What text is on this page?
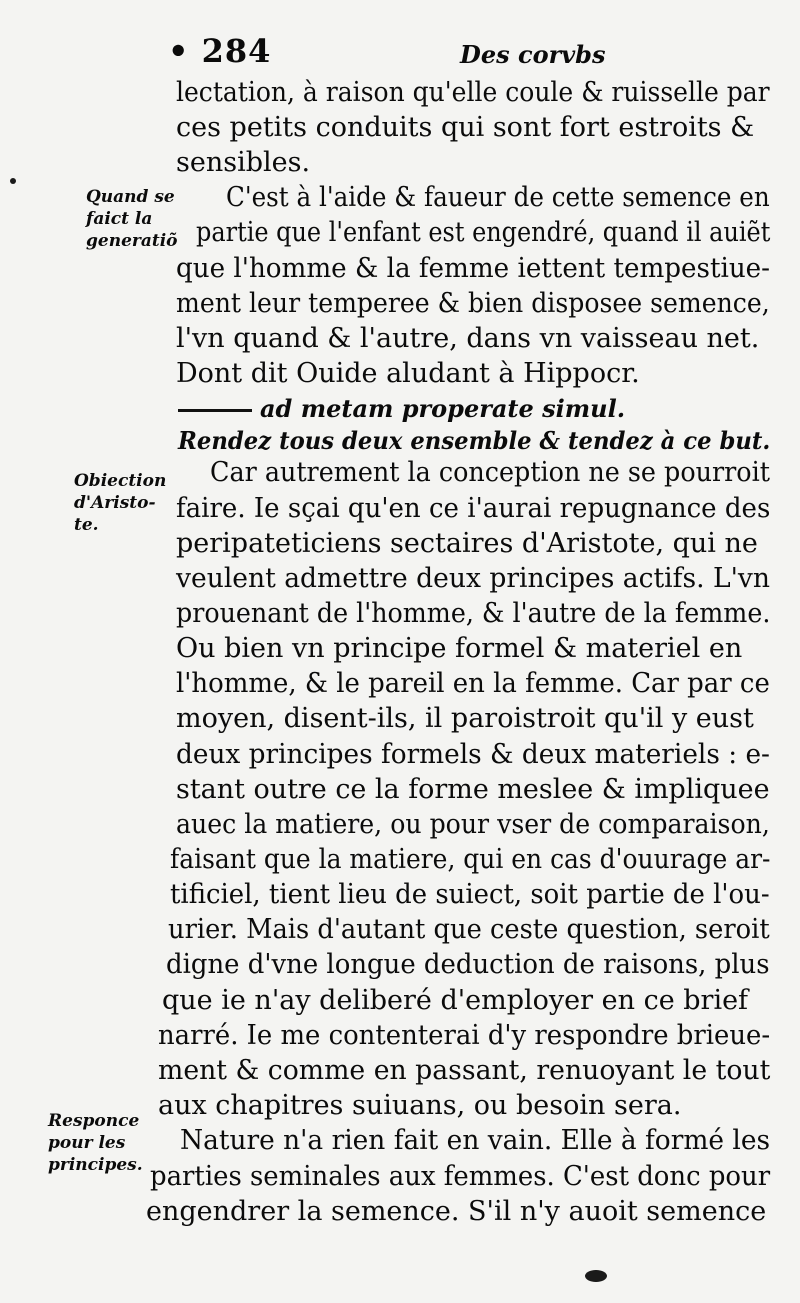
• 284	Des corvbs
Quand se
faict la
generatiõ
Obiection
d'Aristo-
te.
Responce
pour les
principes.
lectation, à raison qu'elle coule & ruisselle par
ces petits conduits qui sont fort estroits &
sensibles.
C'est à l'aide & faueur de cette semence en
partie que l'enfant est engendré, quand il auiẽt
que l'homme & la femme iettent tempestiue-
ment leur temperee & bien disposee semence,
l'vn quand & l'autre, dans vn vaisseau net.
Dont dit Ouide aludant à Hippocr.
ad metam properate simul.
Rendez tous deux ensemble & tendez à ce but.
Car autrement la conception ne se pourroit
faire. Ie sçai qu'en ce i'aurai repugnance des
peripateticiens sectaires d'Aristote, qui ne
veulent admettre deux principes actifs. L'vn
prouenant de l'homme, & l'autre de la femme.
Ou bien vn principe formel & materiel en
l'homme, & le pareil en la femme. Car par ce
moyen, disent-ils, il paroistroit qu'il y eust
deux principes formels & deux materiels : e-
stant outre ce la forme meslee & impliquee
auec la matiere, ou pour vser de comparaison,
faisant que la matiere, qui en cas d'ouurage ar-
tificiel, tient lieu de suiect, soit partie de l'ou-
urier. Mais d'autant que ceste question, seroit
digne d'vne longue deduction de raisons, plus
que ie n'ay deliberé d'employer en ce brief
narré. Ie me contenterai d'y respondre brieue-
ment & comme en passant, renuoyant le tout
aux chapitres suiuans, ou besoin sera.
Nature n'a rien fait en vain. Elle à formé les
parties seminales aux femmes. C'est donc pour
engendrer la semence. S'il n'y auoit semence
